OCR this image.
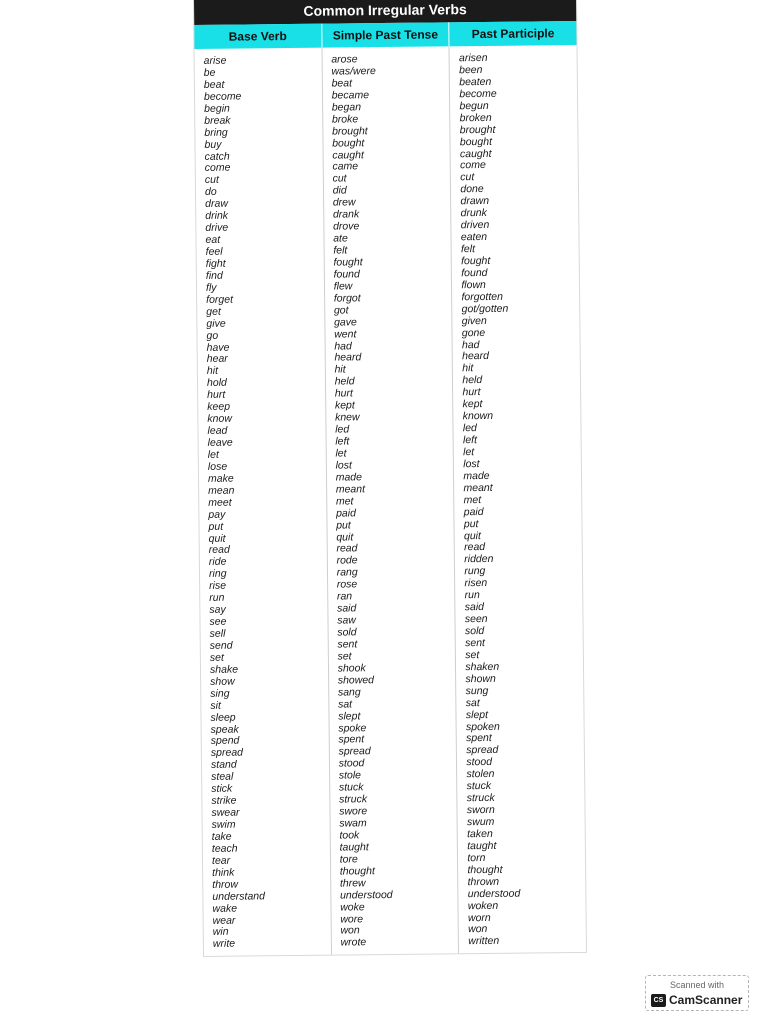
Common Irregular Verbs
Base Verb	Simple Past Tense	Past Participle
arise
be
beat
become
begin
break
bring
buy
catch
come
cut
do
draw
drink
drive
eat
feel
fight
find
fly
forget
get
give
go
have
hear
hit
hold
hurt
keep
know
lead
leave
let
lose
make
mean
meet
pay
put
quit
read
ride
ring
rise
run
say
see
sell
send
set
shake
show
sing
sit
sleep
speak
spend
spread
stand
steal
stick
strike
swear
swim
take
teach
tear
think
throw
understand
wake
wear
win
write
arose
was/were
beat
became
began
broke
brought
bought
caught
came
cut
did
drew
drank
drove
ate
felt
fought
found
flew
forgot
got
gave
went
had
heard
hit
held
hurt
kept
knew
led
left
let
lost
made
meant
met
paid
put
quit
read
rode
rang
rose
ran
said
saw
sold
sent
set
shook
showed
sang
sat
slept
spoke
spent
spread
stood
stole
stuck
struck
swore
swam
took
taught
tore
thought
threw
understood
woke
wore
won
wrote
arisen
been
beaten
become
begun
broken
brought
bought
caught
come
cut
done
drawn
drunk
driven
eaten
felt
fought
found
flown
forgotten
got/gotten
given
gone
had
heard
hit
held
hurt
kept
known
led
left
let
lost
made
meant
met
paid
put
quit
read
ridden
rung
risen
run
said
seen
sold
sent
set
shaken
shown
sung
sat
slept
spoken
spent
spread
stood
stolen
stuck
struck
sworn
swum
taken
taught
torn
thought
thrown
understood
woken
worn
won
written
Scanned with
CS CamScanner
